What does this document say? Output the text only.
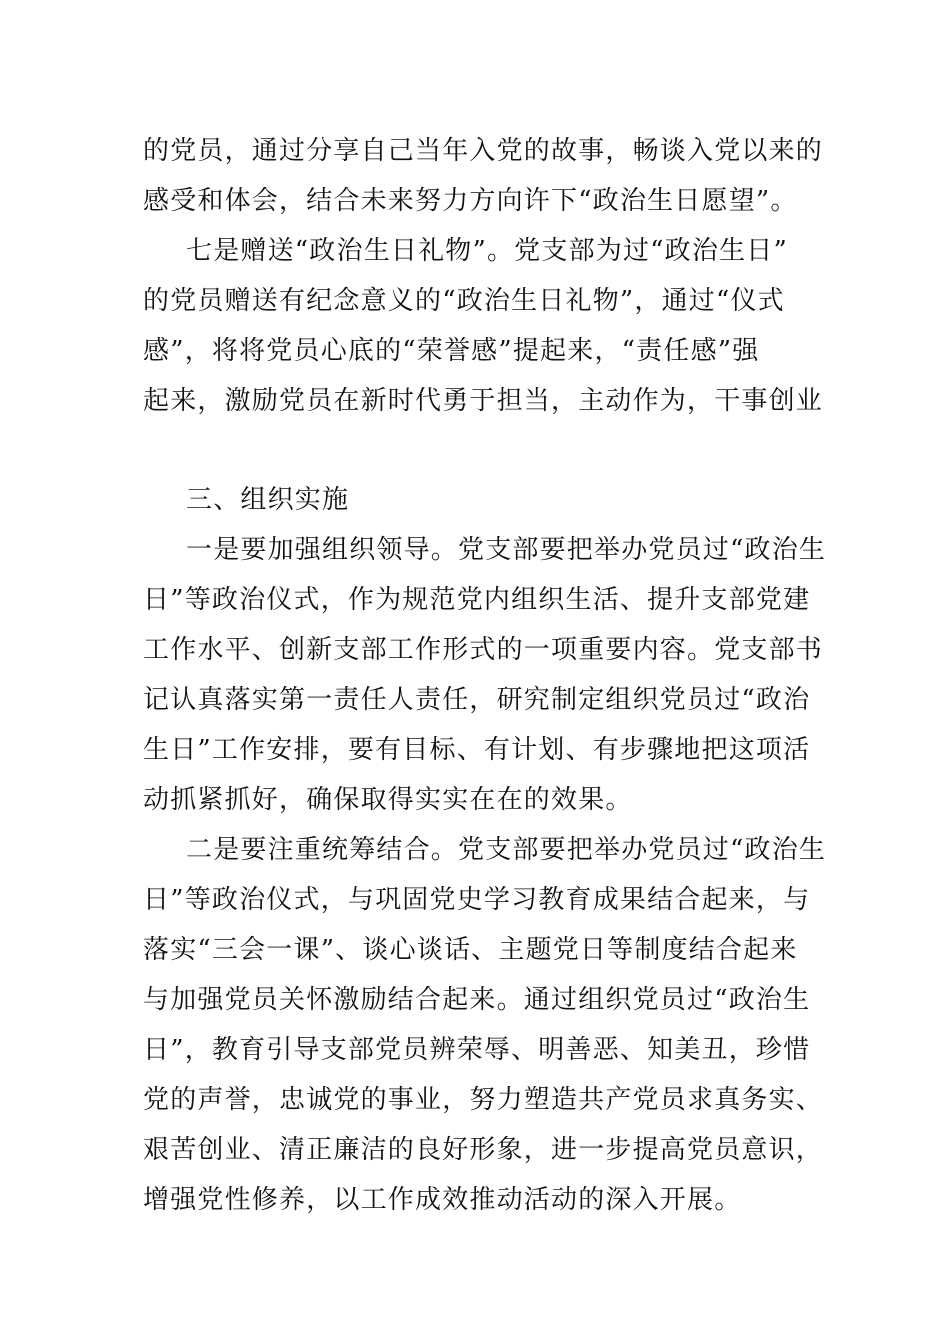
的党员，通过分享自己当年入党的故事，畅谈入党以来的
感受和体会，结合未来努力方向许下“政治生日愿望”。
七是赠送“政治生日礼物”。党支部为过“政治生日”
的党员赠送有纪念意义的“政治生日礼物”，通过“仪式
感”，将将党员心底的“荣誉感”提起来，“责任感”强
起来，激励党员在新时代勇于担当，主动作为，干事创业
三、组织实施
一是要加强组织领导。党支部要把举办党员过“政治生
日”等政治仪式，作为规范党内组织生活、提升支部党建
工作水平、创新支部工作形式的一项重要内容。党支部书
记认真落实第一责任人责任，研究制定组织党员过“政治
生日”工作安排，要有目标、有计划、有步骤地把这项活
动抓紧抓好，确保取得实实在在的效果。
二是要注重统筹结合。党支部要把举办党员过“政治生
日”等政治仪式，与巩固党史学习教育成果结合起来，与
落实“三会一课”、谈心谈话、主题党日等制度结合起来
与加强党员关怀激励结合起来。通过组织党员过“政治生
日”，教育引导支部党员辨荣辱、明善恶、知美丑，珍惜
党的声誉，忠诚党的事业，努力塑造共产党员求真务实、
艰苦创业、清正廉洁的良好形象，进一步提高党员意识，
增强党性修养，以工作成效推动活动的深入开展。
